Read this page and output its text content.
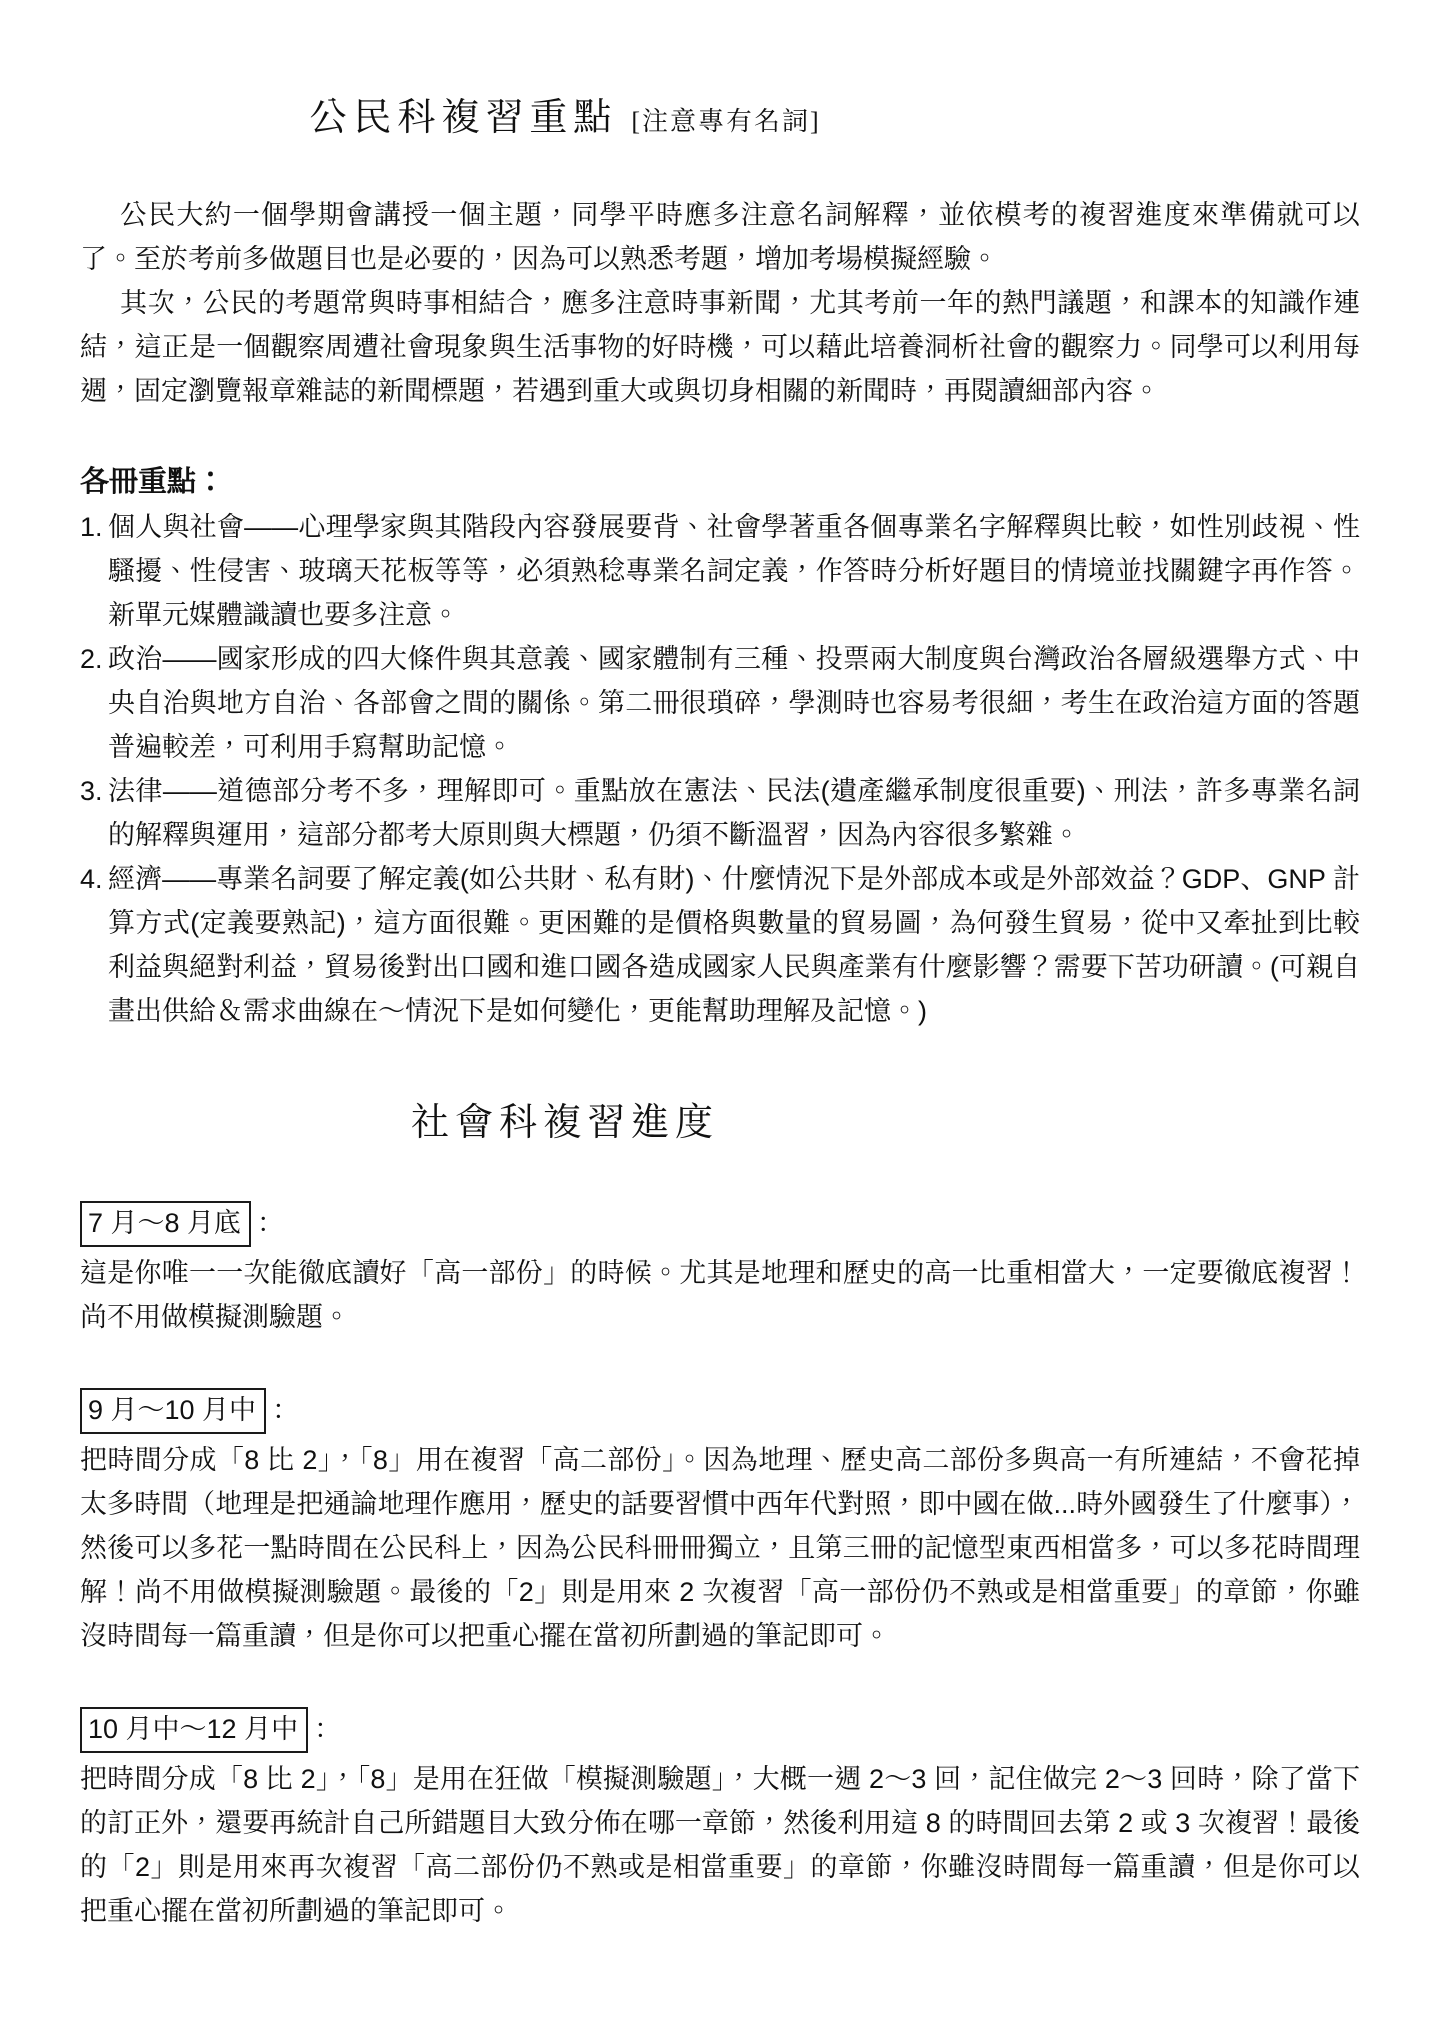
公民科複習重點 [注意專有名詞]

公民大約一個學期會講授一個主題，同學平時應多注意名詞解釋，並依模考的複習進度來準備就可以了。至於考前多做題目也是必要的，因為可以熟悉考題，增加考場模擬經驗。

其次，公民的考題常與時事相結合，應多注意時事新聞，尤其考前一年的熱門議題，和課本的知識作連結，這正是一個觀察周遭社會現象與生活事物的好時機，可以藉此培養洞析社會的觀察力。同學可以利用每週，固定瀏覽報章雜誌的新聞標題，若遇到重大或與切身相關的新聞時，再閱讀細部內容。

各冊重點：
1. 個人與社會——心理學家與其階段內容發展要背、社會學著重各個專業名字解釋與比較，如性別歧視、性騷擾、性侵害、玻璃天花板等等，必須熟稔專業名詞定義，作答時分析好題目的情境並找關鍵字再作答。新單元媒體識讀也要多注意。
2. 政治——國家形成的四大條件與其意義、國家體制有三種、投票兩大制度與台灣政治各層級選舉方式、中央自治與地方自治、各部會之間的關係。第二冊很瑣碎，學測時也容易考很細，考生在政治這方面的答題普遍較差，可利用手寫幫助記憶。
3. 法律——道德部分考不多，理解即可。重點放在憲法、民法(遺產繼承制度很重要)、刑法，許多專業名詞的解釋與運用，這部分都考大原則與大標題，仍須不斷溫習，因為內容很多繁雜。
4. 經濟——專業名詞要了解定義(如公共財、私有財)、什麼情況下是外部成本或是外部效益？GDP、GNP 計算方式(定義要熟記)，這方面很難。更困難的是價格與數量的貿易圖，為何發生貿易，從中又牽扯到比較利益與絕對利益，貿易後對出口國和進口國各造成國家人民與產業有什麼影響？需要下苦功研讀。(可親自畫出供給＆需求曲線在～情況下是如何變化，更能幫助理解及記憶。)
社會科複習進度
7 月～8 月底 ：

這是你唯一一次能徹底讀好「高一部份」的時候。尤其是地理和歷史的高一比重相當大，一定要徹底複習！尚不用做模擬測驗題。

9 月～10 月中 ：

把時間分成「8 比 2」，「8」用在複習「高二部份」。因為地理、歷史高二部份多與高一有所連結，不會花掉太多時間（地理是把通論地理作應用，歷史的話要習慣中西年代對照，即中國在做...時外國發生了什麼事），然後可以多花一點時間在公民科上，因為公民科冊冊獨立，且第三冊的記憶型東西相當多，可以多花時間理解！尚不用做模擬測驗題。最後的「2」則是用來 2 次複習「高一部份仍不熟或是相當重要」的章節，你雖沒時間每一篇重讀，但是你可以把重心擺在當初所劃過的筆記即可。

10 月中～12 月中 ：

把時間分成「8 比 2」，「8」是用在狂做「模擬測驗題」，大概一週 2～3 回，記住做完 2～3 回時，除了當下的訂正外，還要再統計自己所錯題目大致分佈在哪一章節，然後利用這 8 的時間回去第 2 或 3 次複習！最後的「2」則是用來再次複習「高二部份仍不熟或是相當重要」的章節，你雖沒時間每一篇重讀，但是你可以把重心擺在當初所劃過的筆記即可。
